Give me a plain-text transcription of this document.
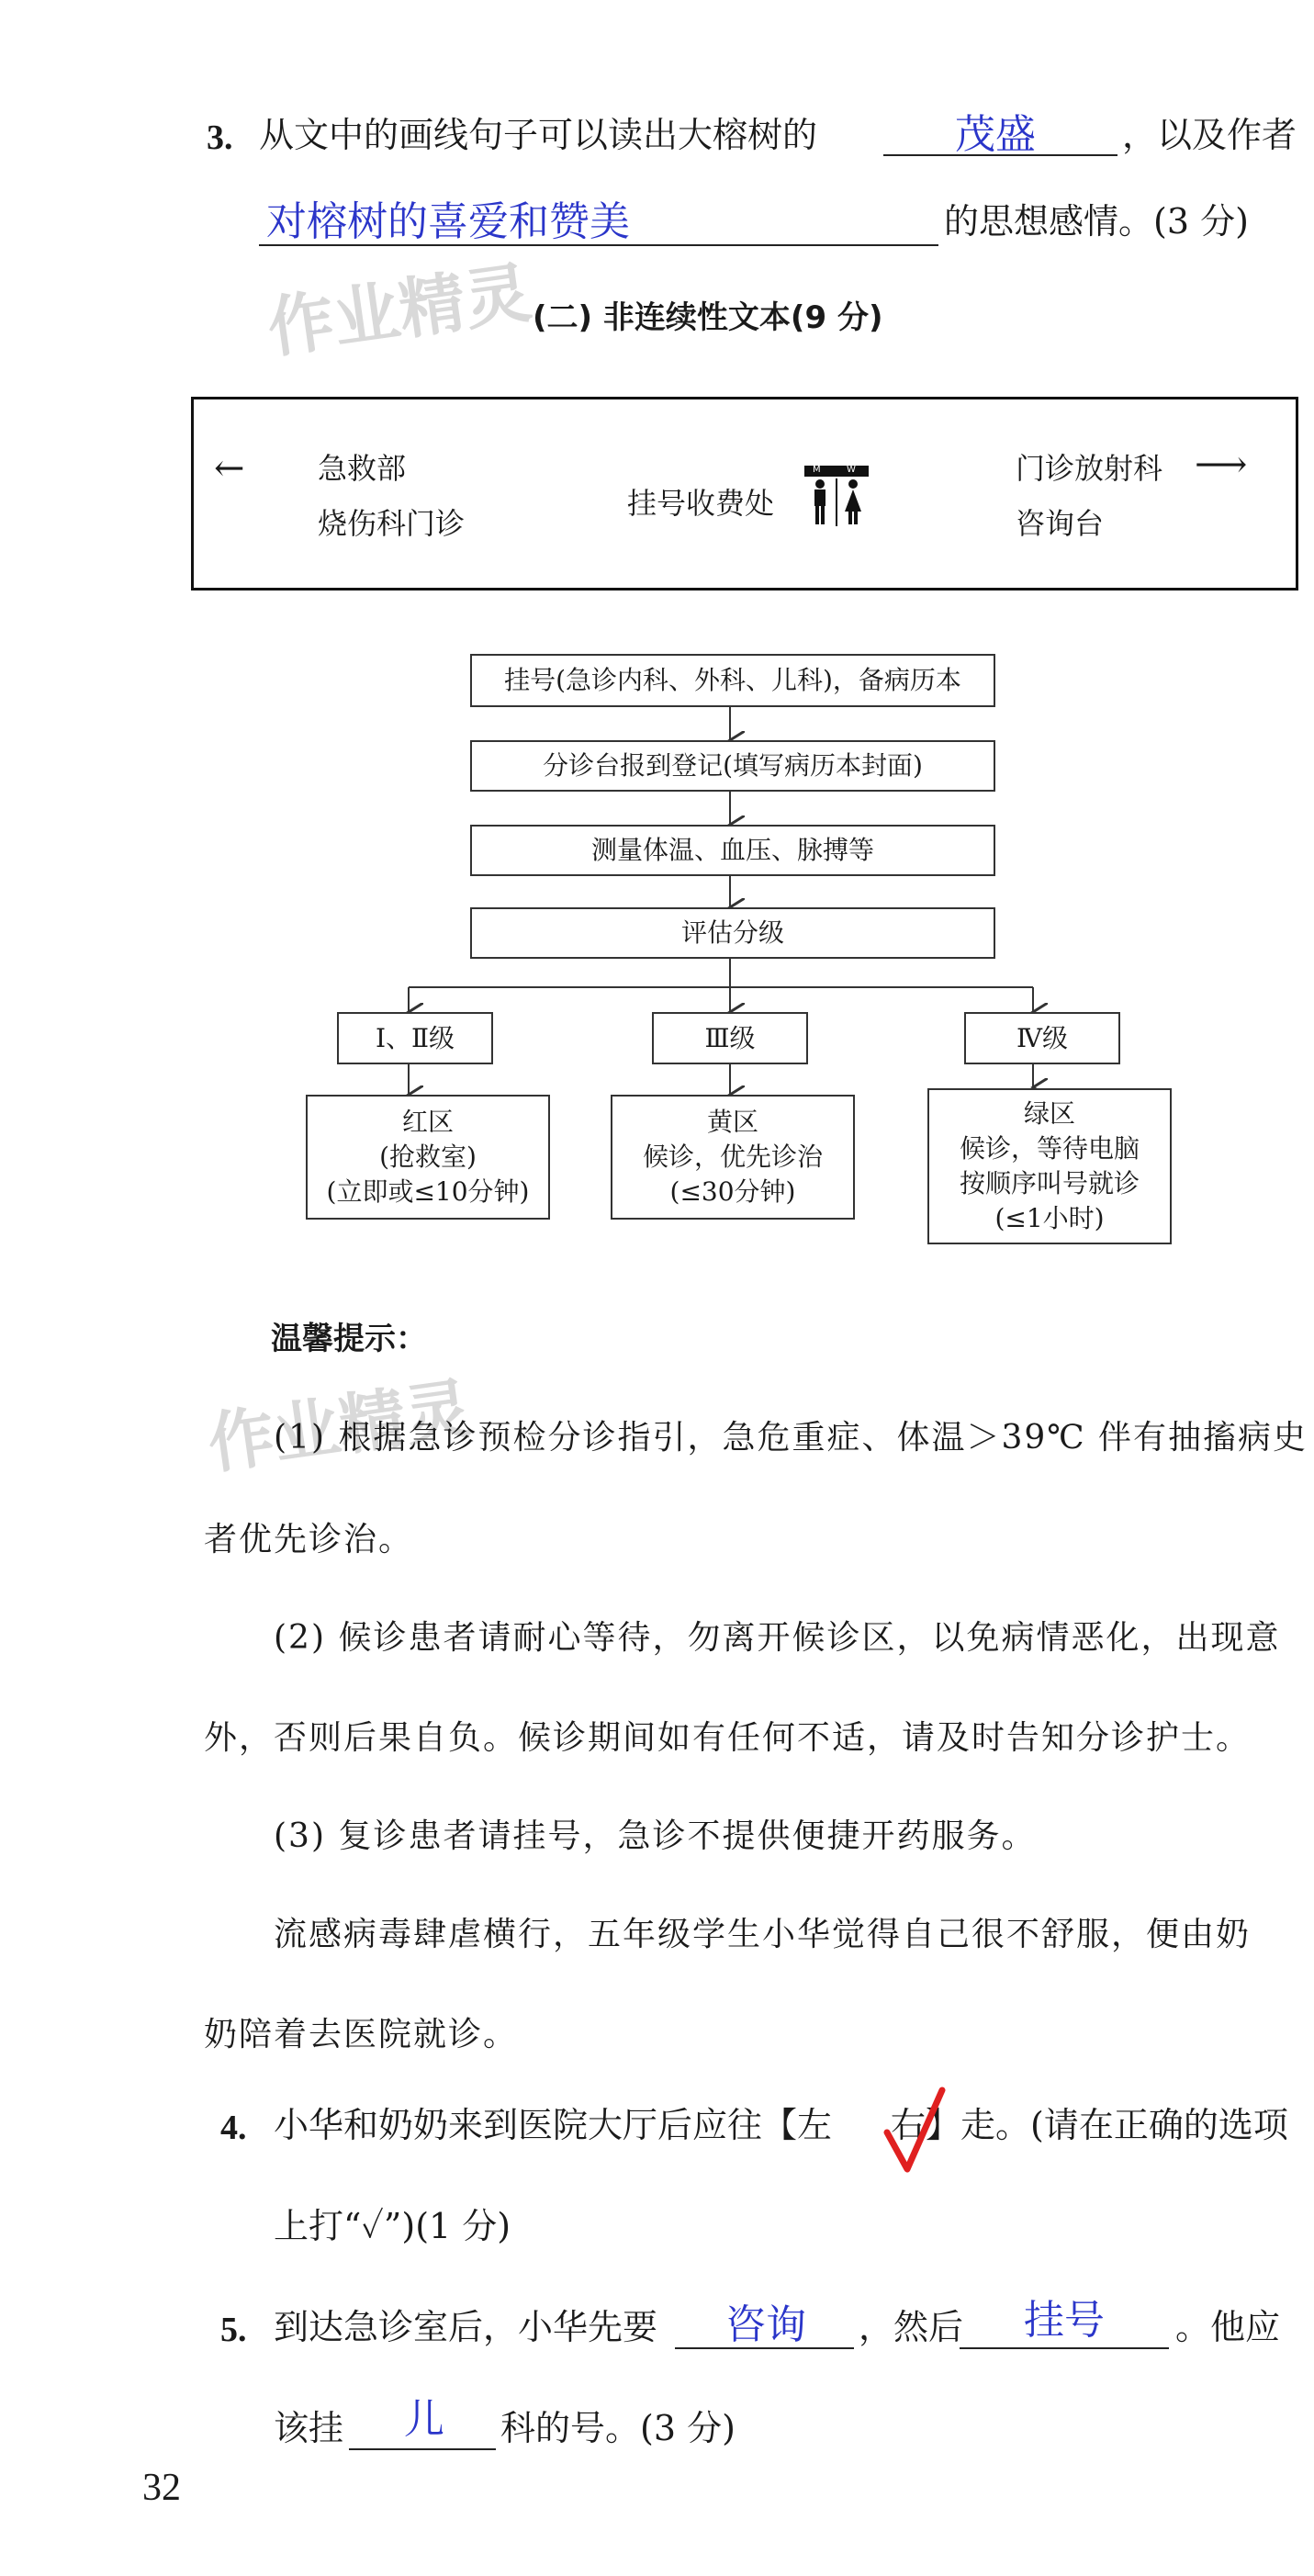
3. 从文中的画线句子可以读出大榕树的	茂盛 ，以及作者
对榕树的喜爱和赞美	的思想感情。(3 分)
作业精灵
(二) 非连续性文本(9 分)
← 急救部
烧伤科门诊
挂号收费处
M	W	门诊放射科
咨询台
⟶
挂号(急诊内科、外科、儿科)，备病历本
分诊台报到登记(填写病历本封面)
测量体温、血压、脉搏等
评估分级
Ⅰ、Ⅱ级	Ⅲ级	Ⅳ级
红区
(抢救室)
(立即或≤10分钟)
黄区
候诊，优先诊治
(≤30分钟)
绿区
候诊，等待电脑
按顺序叫号就诊
(≤1小时)
温馨提示：
作业精灵
(1) 根据急诊预检分诊指引，急危重症、体温＞39℃ 伴有抽搐病史
者优先诊治。
(2) 候诊患者请耐心等待，勿离开候诊区，以免病情恶化，出现意
外，否则后果自负。候诊期间如有任何不适，请及时告知分诊护士。
(3) 复诊患者请挂号，急诊不提供便捷开药服务。
流感病毒肆虐横行，五年级学生小华觉得自己很不舒服，便由奶
奶陪着去医院就诊。
4. 小华和奶奶来到医院大厅后应往【左 右 】走。(请在正确的选项
上打“✓”)(1 分)
5. 到达急诊室后，小华先要 咨询 ，然后 挂号 。他应
该挂 儿 科的号。(3 分)
32
